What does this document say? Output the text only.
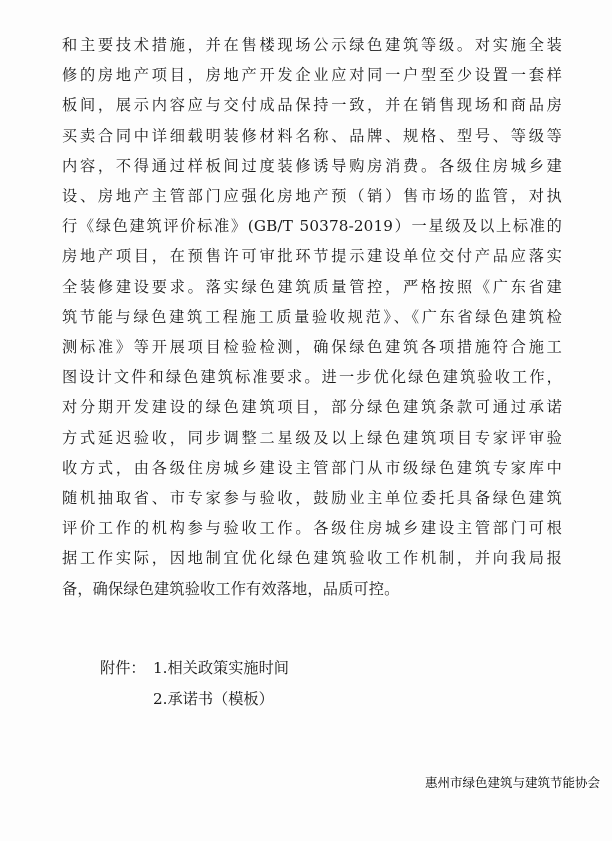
和主要技术措施，并在售楼现场公示绿色建筑等级。对实施全装
修的房地产项目，房地产开发企业应对同一户型至少设置一套样
板间，展示内容应与交付成品保持一致，并在销售现场和商品房
买卖合同中详细载明装修材料名称、品牌、规格、型号、等级等
内容，不得通过样板间过度装修诱导购房消费。各级住房城乡建
设、房地产主管部门应强化房地产预（销）售市场的监管，对执
行《绿色建筑评价标准》(GB/T 50378-2019）一星级及以上标准的
房地产项目，在预售许可审批环节提示建设单位交付产品应落实
全装修建设要求。落实绿色建筑质量管控，严格按照《广东省建
筑节能与绿色建筑工程施工质量验收规范》、《广东省绿色建筑检
测标准》等开展项目检验检测，确保绿色建筑各项措施符合施工
图设计文件和绿色建筑标准要求。进一步优化绿色建筑验收工作，
对分期开发建设的绿色建筑项目，部分绿色建筑条款可通过承诺
方式延迟验收，同步调整二星级及以上绿色建筑项目专家评审验
收方式，由各级住房城乡建设主管部门从市级绿色建筑专家库中
随机抽取省、市专家参与验收，鼓励业主单位委托具备绿色建筑
评价工作的机构参与验收工作。各级住房城乡建设主管部门可根
据工作实际，因地制宜优化绿色建筑验收工作机制，并向我局报
备，确保绿色建筑验收工作有效落地，品质可控。
附件： 1.相关政策实施时间
2.承诺书（模板）
惠州市绿色建筑与建筑节能协会
